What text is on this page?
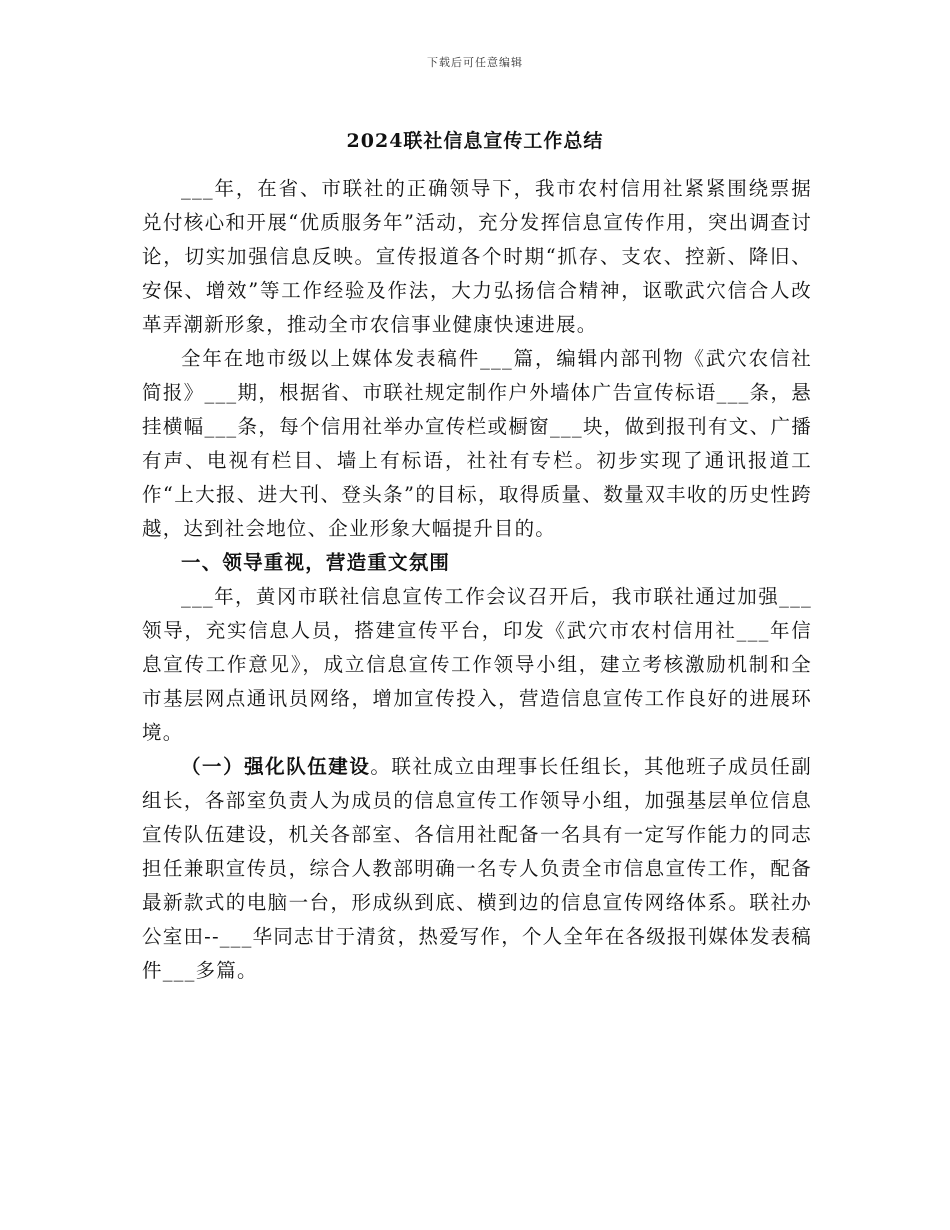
下载后可任意编辑
2024联社信息宣传工作总结

___年，在省、市联社的正确领导下，我市农村信用社紧紧围绕票据兑付核心和开展“优质服务年”活动，充分发挥信息宣传作用，突出调查讨论，切实加强信息反映。宣传报道各个时期“抓存、支农、控新、降旧、安保、增效”等工作经验及作法，大力弘扬信合精神，讴歌武穴信合人改革弄潮新形象，推动全市农信事业健康快速进展。

全年在地市级以上媒体发表稿件___篇，编辑内部刊物《武穴农信社简报》___期，根据省、市联社规定制作户外墙体广告宣传标语___条，悬挂横幅___条，每个信用社举办宣传栏或橱窗___块，做到报刊有文、广播有声、电视有栏目、墙上有标语，社社有专栏。初步实现了通讯报道工作“上大报、进大刊、登头条”的目标，取得质量、数量双丰收的历史性跨越，达到社会地位、企业形象大幅提升目的。

一、领导重视，营造重文氛围

___年，黄冈市联社信息宣传工作会议召开后，我市联社通过加强___领导，充实信息人员，搭建宣传平台，印发《武穴市农村信用社___年信息宣传工作意见》，成立信息宣传工作领导小组，建立考核激励机制和全市基层网点通讯员网络，增加宣传投入，营造信息宣传工作良好的进展环境。

（一）强化队伍建设。联社成立由理事长任组长，其他班子成员任副组长，各部室负责人为成员的信息宣传工作领导小组，加强基层单位信息宣传队伍建设，机关各部室、各信用社配备一名具有一定写作能力的同志担任兼职宣传员，综合人教部明确一名专人负责全市信息宣传工作，配备最新款式的电脑一台，形成纵到底、横到边的信息宣传网络体系。联社办公室田--___华同志甘于清贫，热爱写作，个人全年在各级报刊媒体发表稿件___多篇。
